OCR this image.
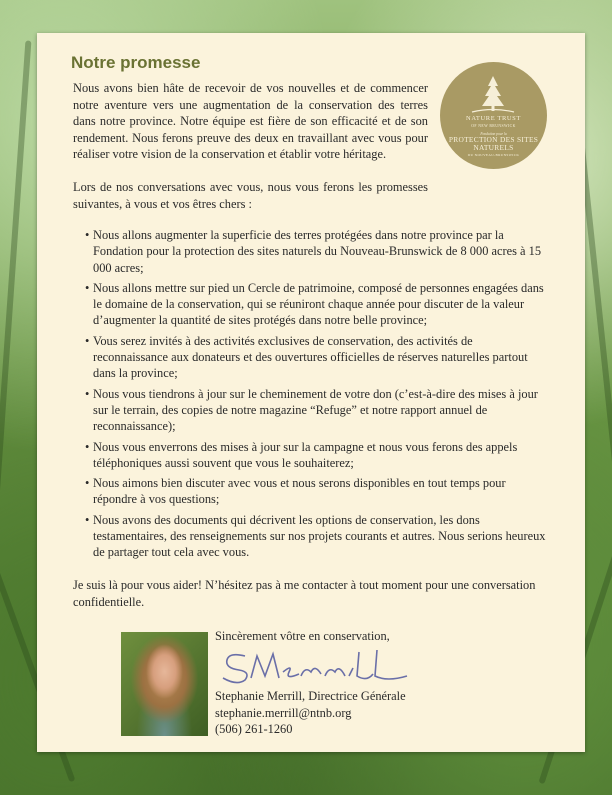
Notre promesse
Nous avons bien hâte de recevoir de vos nouvelles et de commencer notre aventure vers une augmentation de la conservation des terres dans notre province. Notre équipe est fière de son efficacité et de son rendement. Nous ferons preuve des deux en travaillant avec vous pour réaliser votre vision de la conservation et établir votre héritage.
NATURE TRUST
OF NEW BRUNSWICK
Fondation pour la
PROTECTION DES SITES NATURELS
DU NOUVEAU-BRUNSWICK
Lors de nos conversations avec vous, nous vous ferons les promesses suivantes, à vous et vos êtres chers :
• Nous allons augmenter la superficie des terres protégées dans notre province par la Fondation pour la protection des sites naturels du Nouveau-Brunswick de 8 000 acres à 15 000 acres;
• Nous allons mettre sur pied un Cercle de patrimoine, composé de personnes engagées dans le domaine de la conservation, qui se réuniront chaque année pour discuter de la valeur d’augmenter la quantité de sites protégés dans notre belle province;
• Vous serez invités à des activités exclusives de conservation, des activités de reconnaissance aux donateurs et des ouvertures officielles de réserves naturelles partout dans la province;
• Nous vous tiendrons à jour sur le cheminement de votre don (c’est-à-dire des mises à jour sur le terrain, des copies de notre magazine “Refuge” et notre rapport annuel de reconnaissance);
• Nous vous enverrons des mises à jour sur la campagne et nous vous ferons des appels téléphoniques aussi souvent que vous le souhaiterez;
• Nous aimons bien discuter avec vous et nous serons disponibles en tout temps pour répondre à vos questions;
• Nous avons des documents qui décrivent les options de conservation, les dons testamentaires, des renseignements sur nos projets courants et autres. Nous serions heureux de partager tout cela avec vous.
Je suis là pour vous aider! N’hésitez pas à me contacter à tout moment pour une conversation confidentielle.
Sincèrement vôtre en conservation,
Stephanie Merrill, Directrice Générale
stephanie.merrill@ntnb.org
(506) 261-1260
